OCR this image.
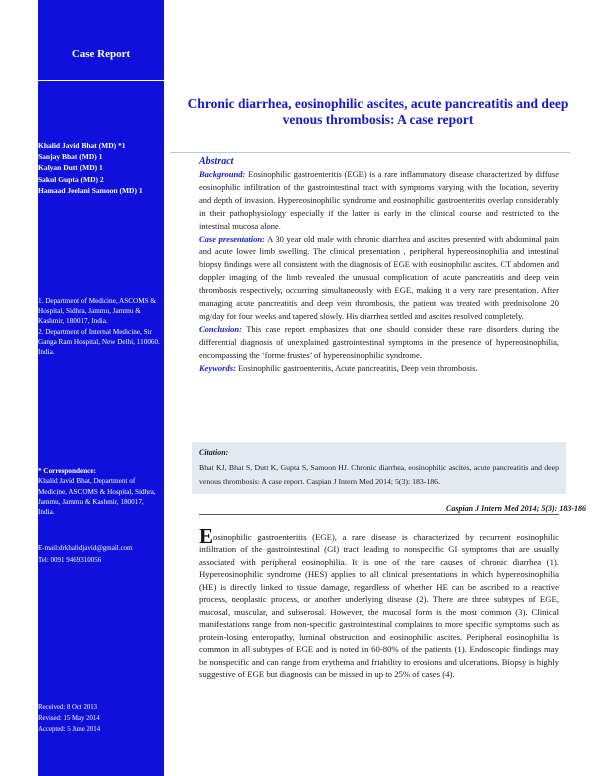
Case Report
Khalid Javid Bhat (MD) *1
Sanjay Bhat (MD) 1
Kalyan Dutt (MD) 1
Sakul Gupta (MD) 2
Hamaad Jeelani Samoon (MD) 1
1. Department of Medicine, ASCOMS & Hospital, Sidhra, Jammu, Jammu & Kashmir, 180017, India.
2. Department of Internal Medicine, Sir Ganga Ram Hospital, New Delhi, 110060. India.
* Correspondence:
Khalid Javid Bhat, Department of Medicine, ASCOMS & Hospital, Sidhra, Jammu, Jammu & Kashmir, 180017, India.
E-mail:drkhalidjavid@gmail.com
Tel: 0091 9469310056
Received: 8 Oct 2013
Revised: 15 May 2014
Accepted: 5 June 2014
Chronic diarrhea, eosinophilic ascites, acute pancreatitis and deep venous thrombosis: A case report
Abstract

Background: Eosinophilic gastroenteritis (EGE) is a rare inflammatory disease characterized by diffuse eosinophilic infiltration of the gastrointestinal tract with symptoms varying with the location, severity and depth of invasion. Hypereosinophilic syndrome and eosinophilic gastroenteritis overlap considerably in their pathophysiology especially if the latter is early in the clinical course and restricted to the intestinal mucosa alone.

Case presentation: A 30 year old male with chronic diarrhea and ascites presented with abdominal pain and acute lower limb swelling. The clinical presentation , peripheral hypereosinophilia and intestinal biopsy findings were all consistent with the diagnosis of EGE with eosinophilic ascites. CT abdomen and doppler imaging of the limb revealed the unusual complication of acute pancreatitis and deep vein thrombosis respectively, occurring simultaneously with EGE, making it a very rare presentation. After managing acute pancreatitis and deep vein thrombosis, the patient was treated with prednisolone 20 mg/day for four weeks and tapered slowly. His diarrhea settled and ascites resolved completely.

Conclusion: This case report emphasizes that one should consider these rare disorders during the differential diagnosis of unexplained gastrointestinal symptoms in the presence of hypereosinophilia, encompassing the ‘forme frustes’ of hypereosinophilic syndrome.

Keywords: Eosinophilic gastroenteritis, Acute pancreatitis, Deep vein thrombosis.

Citation:
Bhat KJ, Bhat S, Dutt K, Gupta S, Samoon HJ. Chronic diarrhea, eosinophilic ascites, acute pancreatitis and deep venous thrombosis: A case report. Caspian J Intern Med 2014; 5(3): 183-186.
Caspian J Intern Med 2014; 5(3): 183-186
Eosinophilic gastroenteritis (EGE), a rare disease is characterized by recurrent eosinophilic infiltration of the gastrointestinal (GI) tract leading to nonspecific GI symptoms that are usually associated with peripheral eosinophilia. It is one of the rare causes of chronic diarrhea (1). Hypereosinophilic syndrome (HES) applies to all clinical presentations in which hypereosinophilia (HE) is directly linked to tissue damage, regardless of whether HE can be ascribed to a reactive process, neoplastic process, or another underlying disease (2). There are three subtypes of EGE, mucosal, muscular, and subserosal. However, the mucosal form is the most common (3). Clinical manifestations range from non-specific gastrointestinal complaints to more specific symptoms such as protein-losing enteropathy, luminal obstruction and eosinophilic ascites. Peripheral eosinophilia is common in all subtypes of EGE and is noted in 60-80% of the patients (1). Endoscopic findings may be nonspecific and can range from erythema and friability to erosions and ulcerations. Biopsy is highly suggestive of EGE but diagnosis can be missed in up to 25% of cases (4).
